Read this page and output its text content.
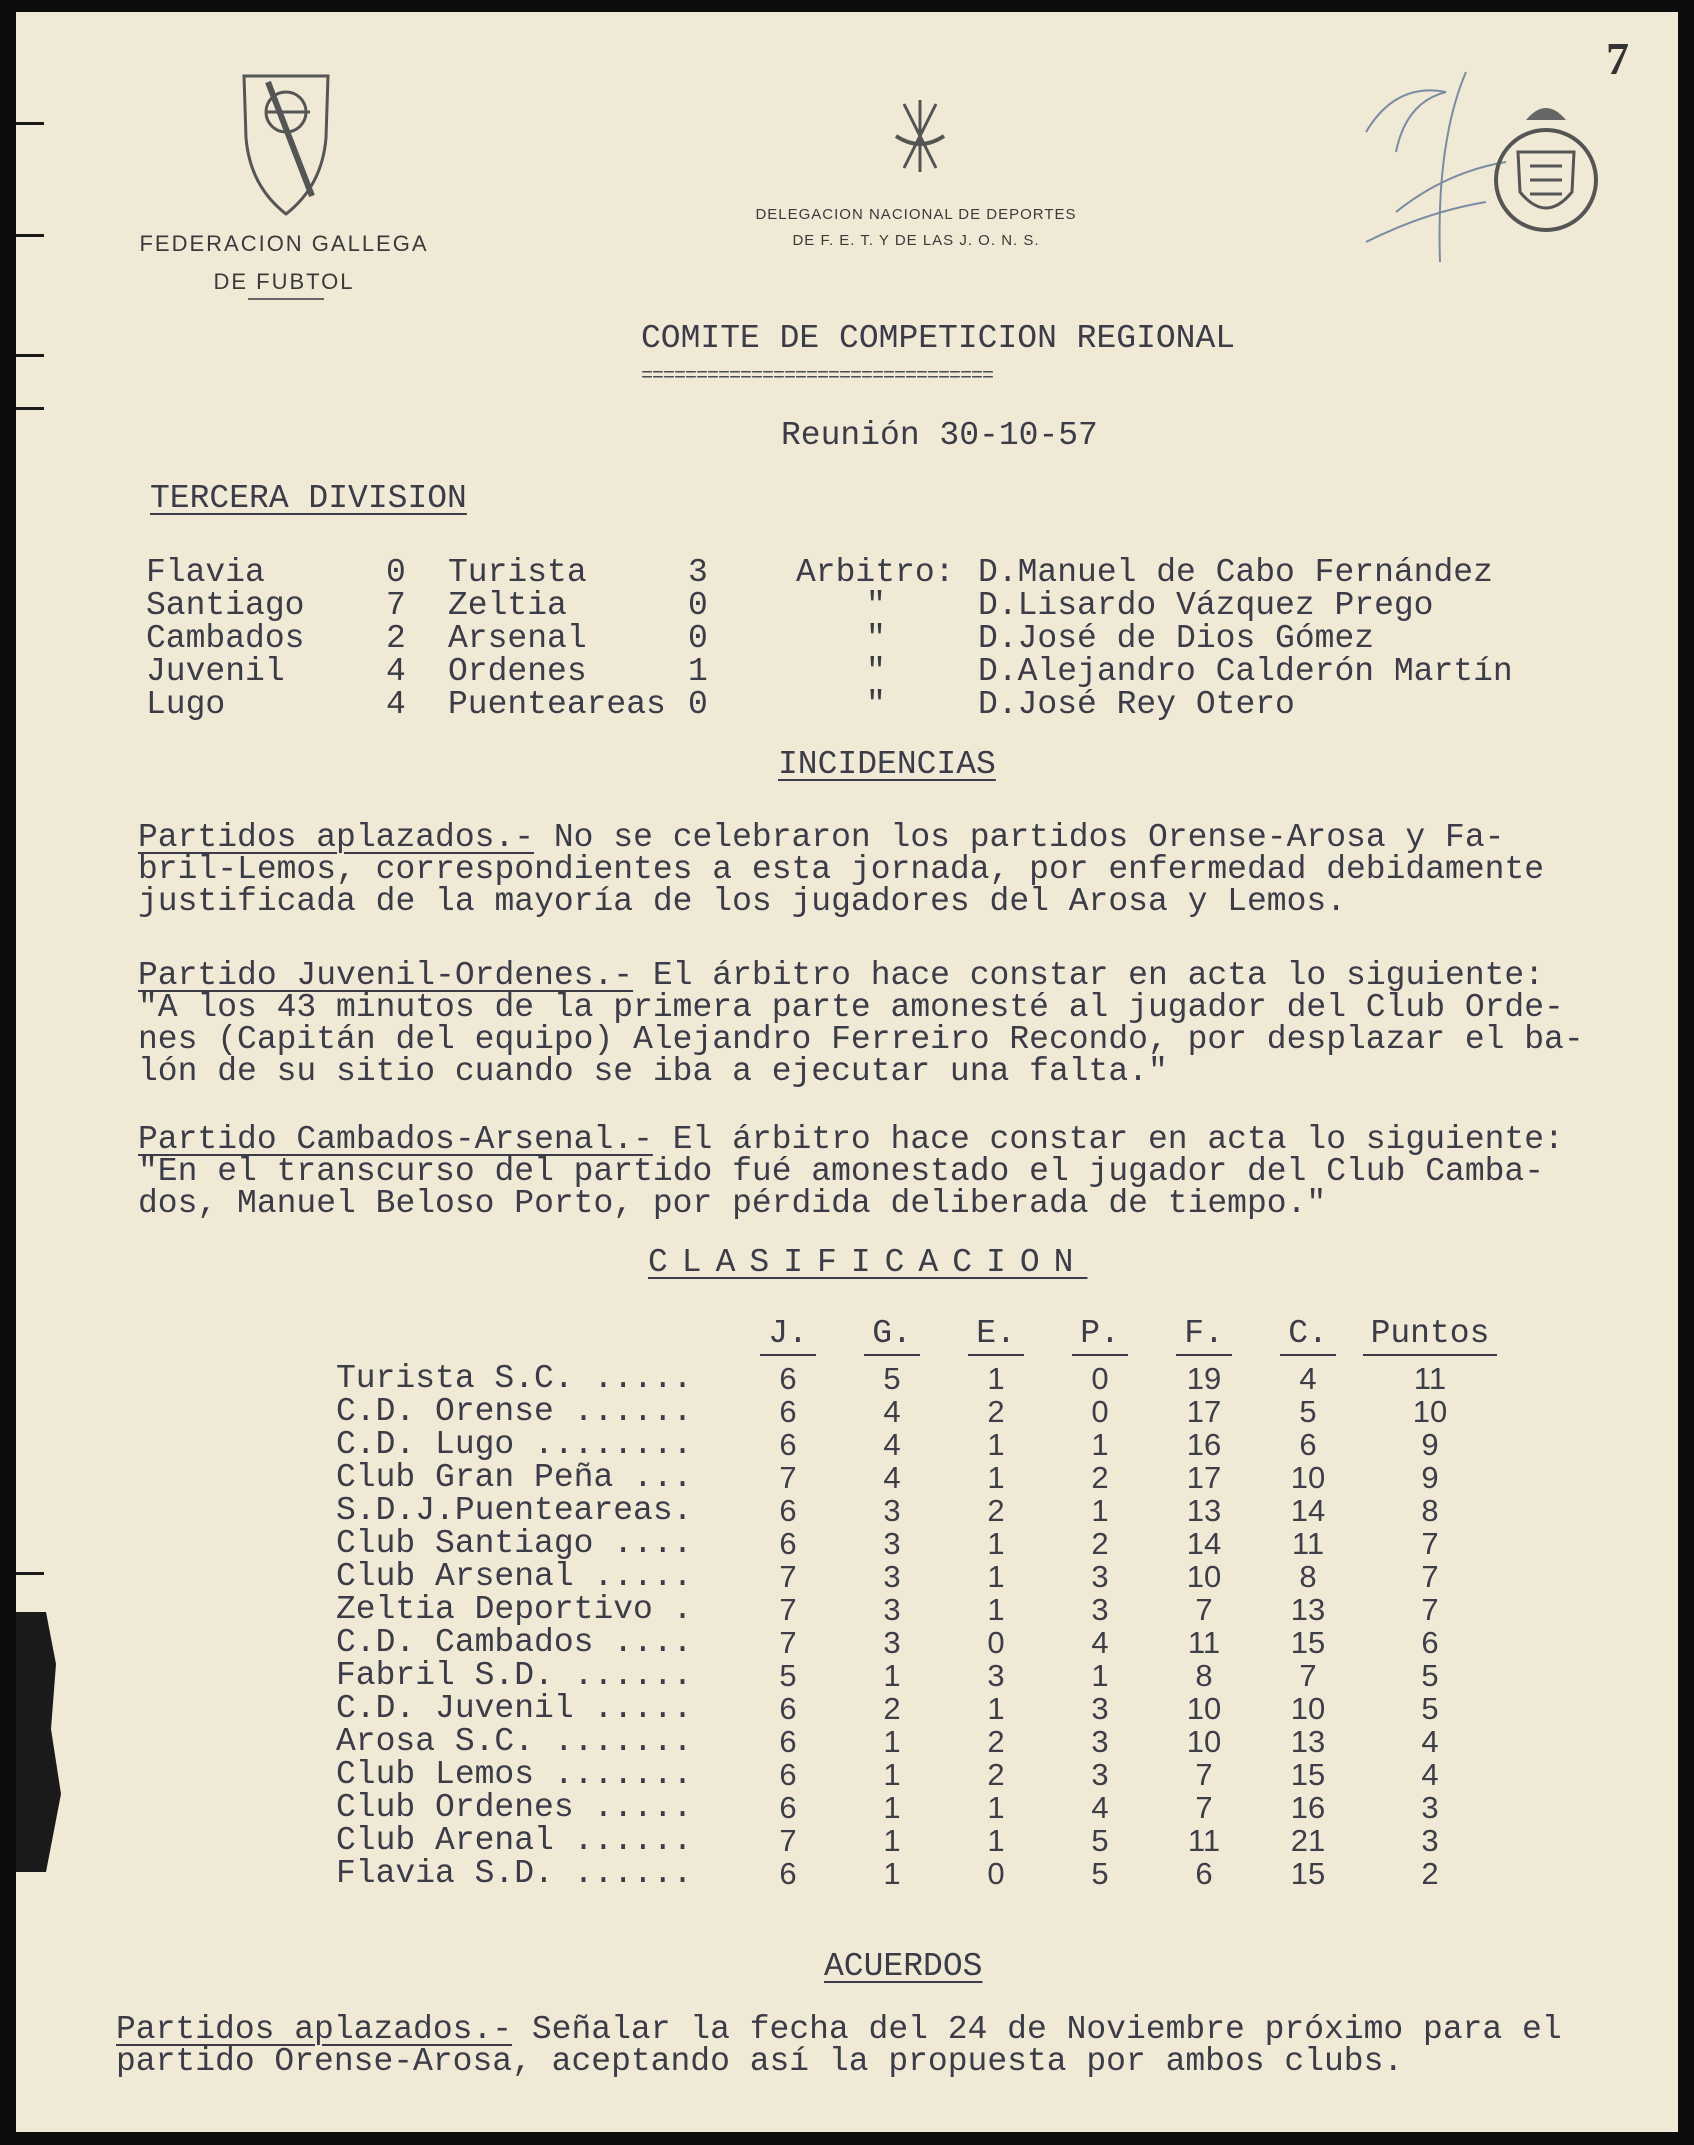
FEDERACION GALLEGA
DE FUBTOL
DELEGACION NACIONAL DE DEPORTES
DE F. E. T. Y DE LAS J. O. N. S.
7
COMITE DE COMPETICION REGIONAL
================================
Reunión 30-10-57
TERCERA DIVISION
Flavia	0	Turista	3	Arbitro:	D.Manuel de Cabo Fernández
Santiago	7	Zeltia	0	"	D.Lisardo Vázquez Prego
Cambados	2	Arsenal	0	"	D.José de Dios Gómez
Juvenil	4	Ordenes	1	"	D.Alejandro Calderón Martín
Lugo	4	Puenteareas	0	"	D.José Rey Otero
INCIDENCIAS
Partidos aplazados.- No se celebraron los partidos Orense-Arosa y Fa-
bril-Lemos, correspondientes a esta jornada, por enfermedad debidamente
justificada de la mayoría de los jugadores del Arosa y Lemos.
Partido Juvenil-Ordenes.- El árbitro hace constar en acta lo siguiente:
"A los 43 minutos de la primera parte amonesté al jugador del Club Orde-
nes (Capitán del equipo) Alejandro Ferreiro Recondo, por desplazar el ba-
lón de su sitio cuando se iba a ejecutar una falta."
Partido Cambados-Arsenal.- El árbitro hace constar en acta lo siguiente:
"En el transcurso del partido fué amonestado el jugador del Club Camba-
dos, Manuel Beloso Porto, por pérdida deliberada de tiempo."
CLASIFICACION
	J.	G.	E.	P.	F.	C.	Puntos
Turista S.C. .....	6	5	1	0	19	4	11
C.D. Orense ......	6	4	2	0	17	5	10
C.D. Lugo ........	6	4	1	1	16	6	9
Club Gran Peña ...	7	4	1	2	17	10	9
S.D.J.Puenteareas.	6	3	2	1	13	14	8
Club Santiago ....	6	3	1	2	14	11	7
Club Arsenal .....	7	3	1	3	10	8	7
Zeltia Deportivo .	7	3	1	3	7	13	7
C.D. Cambados ....	7	3	0	4	11	15	6
Fabril S.D. ......	5	1	3	1	8	7	5
C.D. Juvenil .....	6	2	1	3	10	10	5
Arosa S.C. .......	6	1	2	3	10	13	4
Club Lemos .......	6	1	2	3	7	15	4
Club Ordenes .....	6	1	1	4	7	16	3
Club Arenal ......	7	1	1	5	11	21	3
Flavia S.D. ......	6	1	0	5	6	15	2
ACUERDOS
Partidos aplazados.- Señalar la fecha del 24 de Noviembre próximo para el
partido Orense-Arosa, aceptando así la propuesta por ambos clubs.
